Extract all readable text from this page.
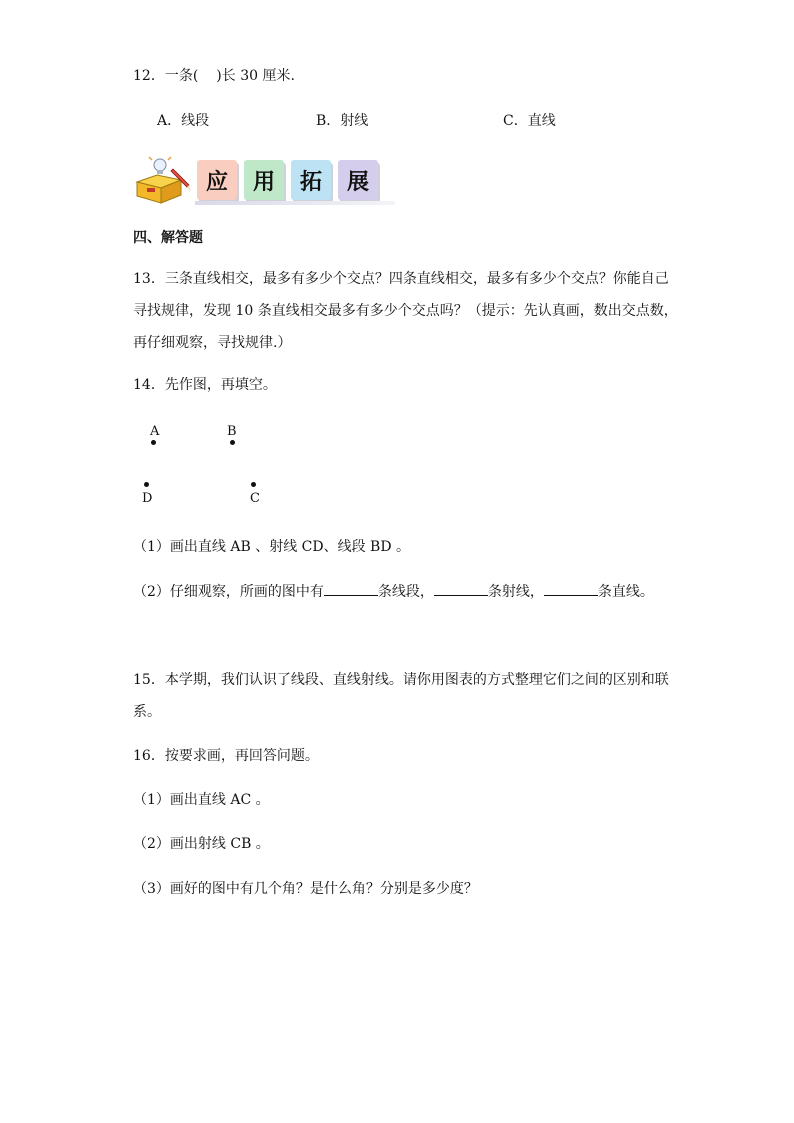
12．一条( )长 30 厘米.
A．线段	B．射线	C．直线
应 用 拓 展
四、解答题
13．三条直线相交，最多有多少个交点？四条直线相交，最多有多少个交点？你能自己
寻找规律，发现 10 条直线相交最多有多少个交点吗？（提示：先认真画，数出交点数，
再仔细观察，寻找规律.）
14．先作图，再填空。
A	B
D	C
（1）画出直线 AB 、射线 CD、线段 BD 。
（2）仔细观察，所画的图中有	条线段，	条射线，	条直线。
15．本学期，我们认识了线段、直线射线。请你用图表的方式整理它们之间的区别和联
系。
16．按要求画，再回答问题。
（1）画出直线 AC 。
（2）画出射线 CB 。
（3）画好的图中有几个角？是什么角？分别是多少度？
